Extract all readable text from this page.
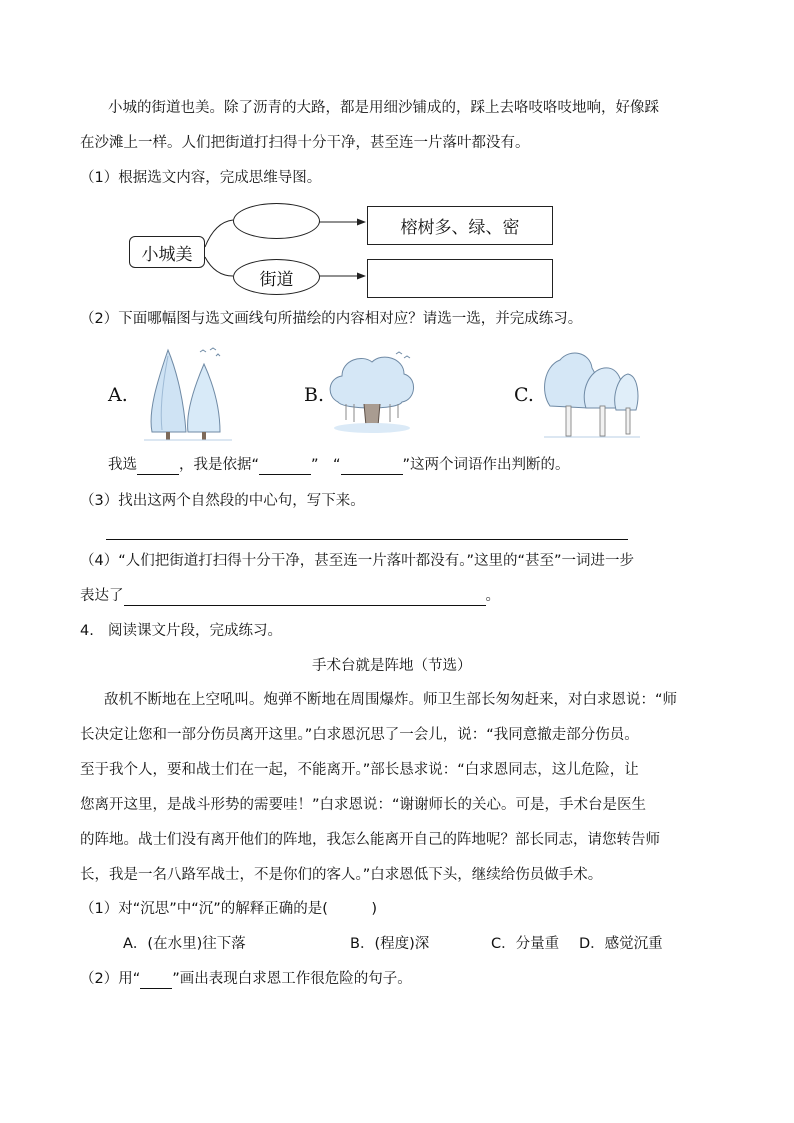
小城的街道也美。除了沥青的大路，都是用细沙铺成的，踩上去咯吱咯吱地响，好像踩
在沙滩上一样。人们把街道打扫得十分干净，甚至连一片落叶都没有。
（1）根据选文内容，完成思维导图。
小城美
街道
榕树多、绿、密
（2）下面哪幅图与选文画线句所描绘的内容相对应？请选一选，并完成练习。
A.	B.	C.
我选	，我是依据“	”　“	”这两个词语作出判断的。
（3）找出这两个自然段的中心句，写下来。
（4）“人们把街道打扫得十分干净，甚至连一片落叶都没有。”这里的“甚至”一词进一步
表达了	。
4. 阅读课文片段，完成练习。
手术台就是阵地（节选）
敌机不断地在上空吼叫。炮弹不断地在周围爆炸。师卫生部长匆匆赶来，对白求恩说：“师
长决定让您和一部分伤员离开这里。”白求恩沉思了一会儿，说：“我同意撤走部分伤员。
至于我个人，要和战士们在一起，不能离开。”部长恳求说：“白求恩同志，这儿危险，让
您离开这里，是战斗形势的需要哇！”白求恩说：“谢谢师长的关心。可是，手术台是医生
的阵地。战士们没有离开他们的阵地，我怎么能离开自己的阵地呢？部长同志，请您转告师
长，我是一名八路军战士，不是你们的客人。”白求恩低下头，继续给伤员做手术。
（1）对“沉思”中“沉”的解释正确的是(　　　)
A．(在水里)往下落	B．(程度)深	C．分量重 D．感觉沉重
（2）用“ ”画出表现白求恩工作很危险的句子。
